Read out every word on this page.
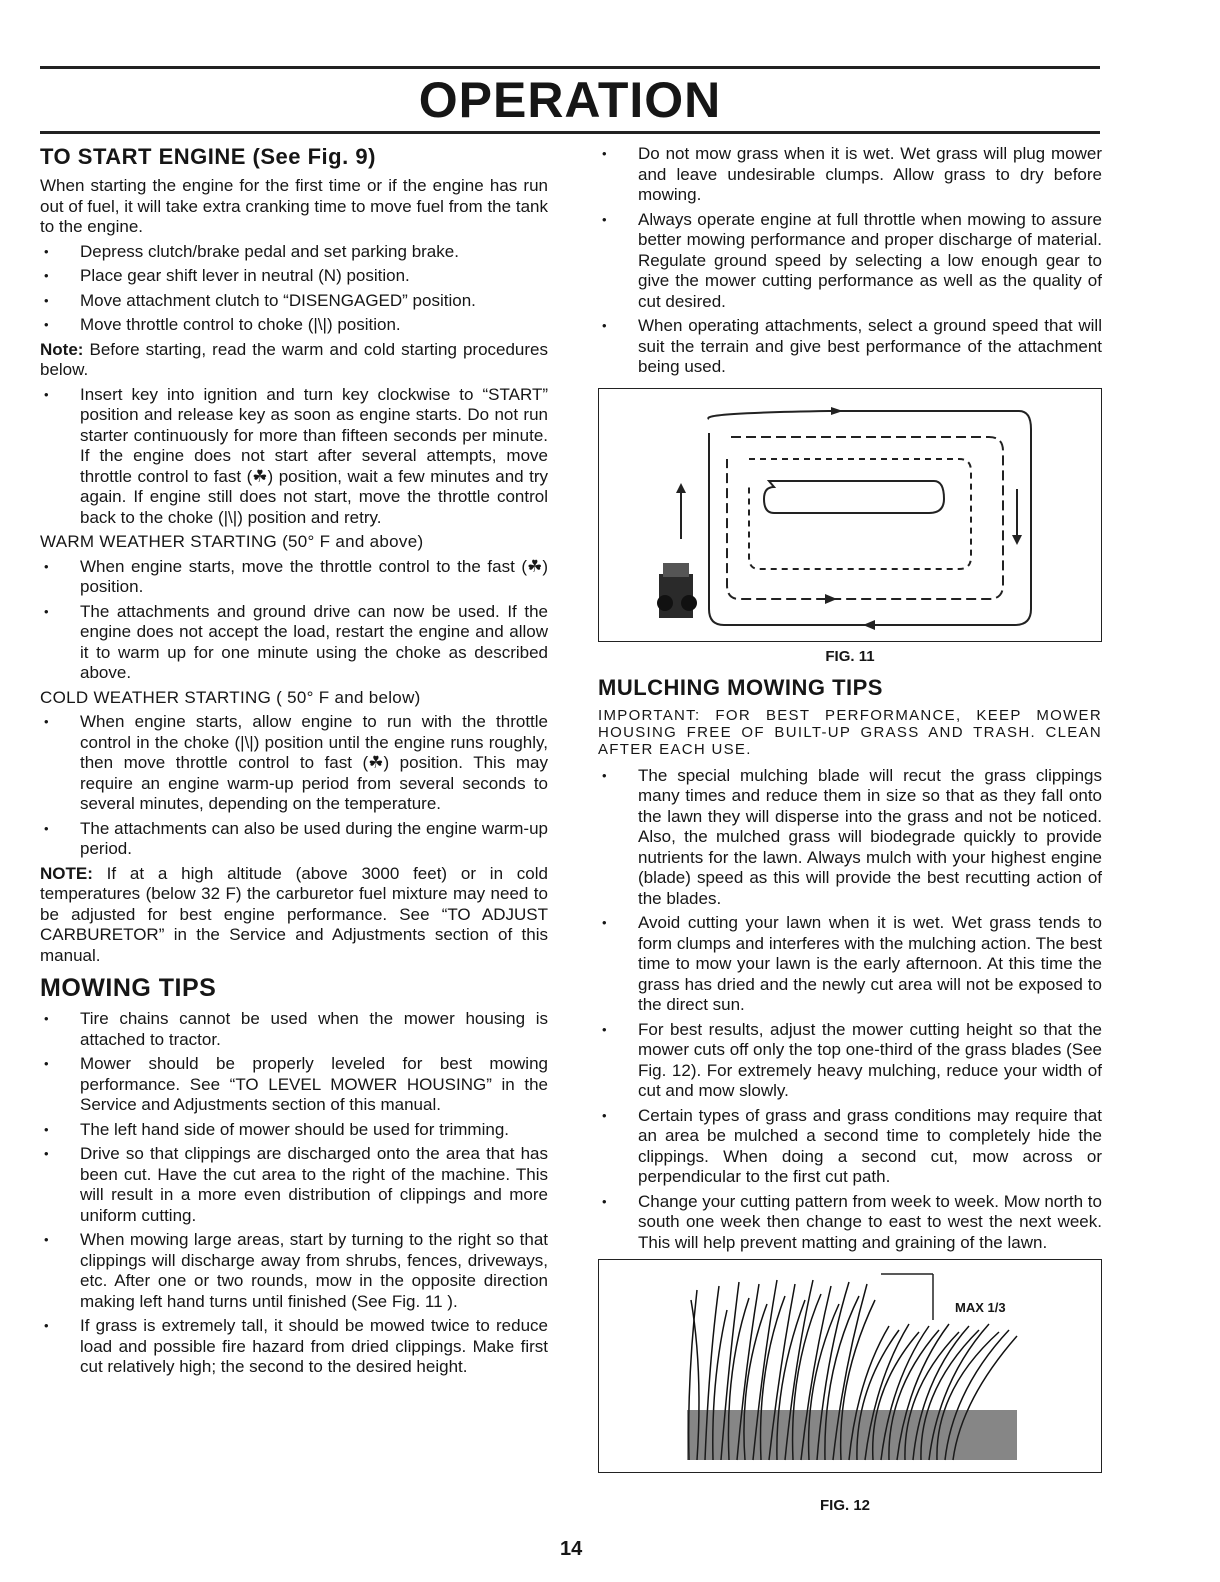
OPERATION
TO START ENGINE (See Fig. 9)

When starting the engine for the first time or if the engine has run out of fuel, it will take extra cranking time to move fuel from the tank to the engine.

• Depress clutch/brake pedal and set parking brake.
• Place gear shift lever in neutral (N) position.
• Move attachment clutch to “DISENGAGED” position.
• Move throttle control to choke (|\|) position.

Note: Before starting, read the warm and cold starting procedures below.

• Insert key into ignition and turn key clockwise to “START” position and release key as soon as engine starts. Do not run starter continuously for more than fifteen seconds per minute. If the engine does not start after several attempts, move throttle control to fast (☘) position, wait a few minutes and try again. If engine still does not start, move the throttle control back to the choke (|\|) position and retry.
WARM WEATHER STARTING (50° F and above)
• When engine starts, move the throttle control to the fast (☘) position.
• The attachments and ground drive can now be used. If the engine does not accept the load, restart the engine and allow it to warm up for one minute using the choke as described above.
COLD WEATHER STARTING ( 50° F and below)
• When engine starts, allow engine to run with the throttle control in the choke (|\|) position until the engine runs roughly, then move throttle control to fast (☘) position. This may require an engine warm-up period from several seconds to several minutes, depending on the temperature.
• The attachments can also be used during the engine warm-up period.

NOTE: If at a high altitude (above 3000 feet) or in cold temperatures (below 32 F) the carburetor fuel mixture may need to be adjusted for best engine performance. See “TO ADJUST CARBURETOR” in the Service and Adjustments section of this manual.

MOWING TIPS
• Tire chains cannot be used when the mower housing is attached to tractor.
• Mower should be properly leveled for best mowing performance. See “TO LEVEL MOWER HOUSING” in the Service and Adjustments section of this manual.
• The left hand side of mower should be used for trimming.
• Drive so that clippings are discharged onto the area that has been cut. Have the cut area to the right of the machine. This will result in a more even distribution of clippings and more uniform cutting.
• When mowing large areas, start by turning to the right so that clippings will discharge away from shrubs, fences, driveways, etc. After one or two rounds, mow in the opposite direction making left hand turns until finished (See Fig. 11 ).
• If grass is extremely tall, it should be mowed twice to reduce load and possible fire hazard from dried clippings. Make first cut relatively high; the second to the desired height.
• Do not mow grass when it is wet. Wet grass will plug mower and leave undesirable clumps. Allow grass to dry before mowing.
• Always operate engine at full throttle when mowing to assure better mowing performance and proper discharge of material. Regulate ground speed by selecting a low enough gear to give the mower cutting performance as well as the quality of cut desired.
• When operating attachments, select a ground speed that will suit the terrain and give best performance of the attachment being used.
FIG. 11
MULCHING MOWING TIPS
IMPORTANT: FOR BEST PERFORMANCE, KEEP MOWER HOUSING FREE OF BUILT-UP GRASS AND TRASH. CLEAN AFTER EACH USE.
• The special mulching blade will recut the grass clippings many times and reduce them in size so that as they fall onto the lawn they will disperse into the grass and not be noticed. Also, the mulched grass will biodegrade quickly to provide nutrients for the lawn. Always mulch with your highest engine (blade) speed as this will provide the best recutting action of the blades.
• Avoid cutting your lawn when it is wet. Wet grass tends to form clumps and interferes with the mulching action. The best time to mow your lawn is the early afternoon. At this time the grass has dried and the newly cut area will not be exposed to the direct sun.
• For best results, adjust the mower cutting height so that the mower cuts off only the top one-third of the grass blades (See Fig. 12). For extremely heavy mulching, reduce your width of cut and mow slowly.
• Certain types of grass and grass conditions may require that an area be mulched a second time to completely hide the clippings. When doing a second cut, mow across or perpendicular to the first cut path.
• Change your cutting pattern from week to week. Mow north to south one week then change to east to west the next week. This will help prevent matting and graining of the lawn.
MAX 1/3
FIG. 12
14
